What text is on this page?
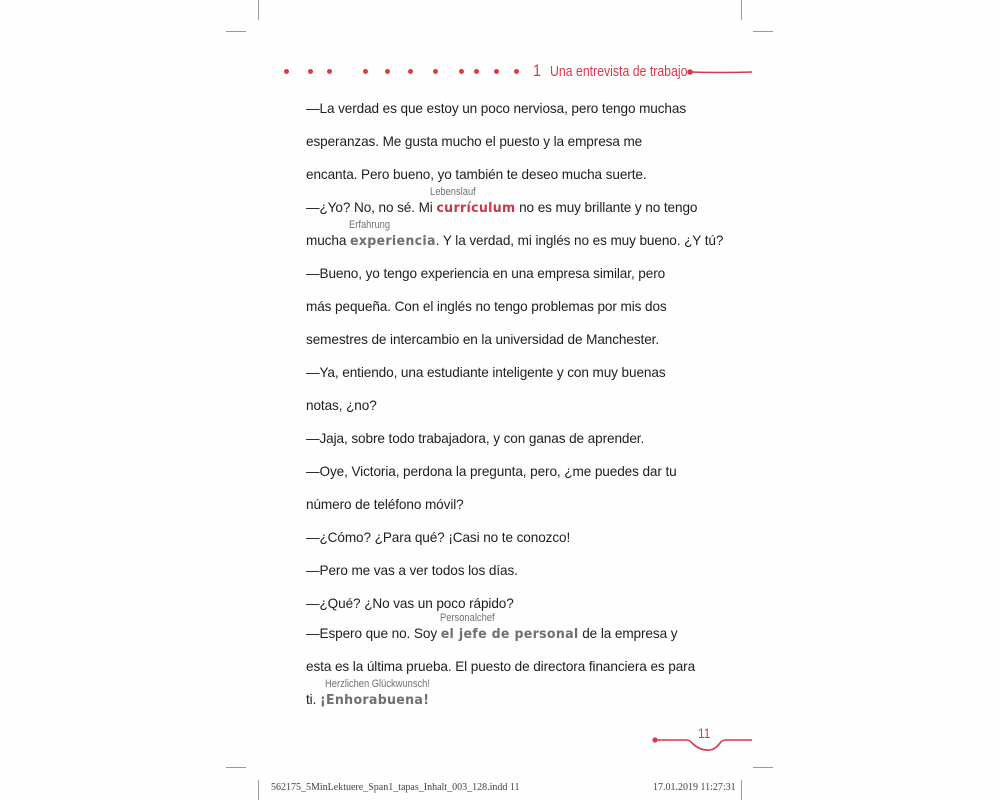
1 Una entrevista de trabajo
—La verdad es que estoy un poco nerviosa, pero tengo muchas
esperanzas. Me gusta mucho el puesto y la empresa me
encanta. Pero bueno, yo también te deseo mucha suerte.
Lebenslauf
—¿Yo? No, no sé. Mi currículum no es muy brillante y no tengo
Erfahrung
mucha experiencia. Y la verdad, mi inglés no es muy bueno. ¿Y tú?
—Bueno, yo tengo experiencia en una empresa similar, pero
más pequeña. Con el inglés no tengo problemas por mis dos
semestres de intercambio en la universidad de Manchester.
—Ya, entiendo, una estudiante inteligente y con muy buenas
notas, ¿no?
—Jaja, sobre todo trabajadora, y con ganas de aprender.
—Oye, Victoria, perdona la pregunta, pero, ¿me puedes dar tu
número de teléfono móvil?
—¿Cómo? ¿Para qué? ¡Casi no te conozco!
—Pero me vas a ver todos los días.
—¿Qué? ¿No vas un poco rápido?
Personalchef
—Espero que no. Soy el jefe de personal de la empresa y
esta es la última prueba. El puesto de directora financiera es para
Herzlichen Glückwunsch!
ti. ¡Enhorabuena!
11
562175_5MinLektuere_Span1_tapas_Inhalt_003_128.indd 11	17.01.2019 11:27:31
